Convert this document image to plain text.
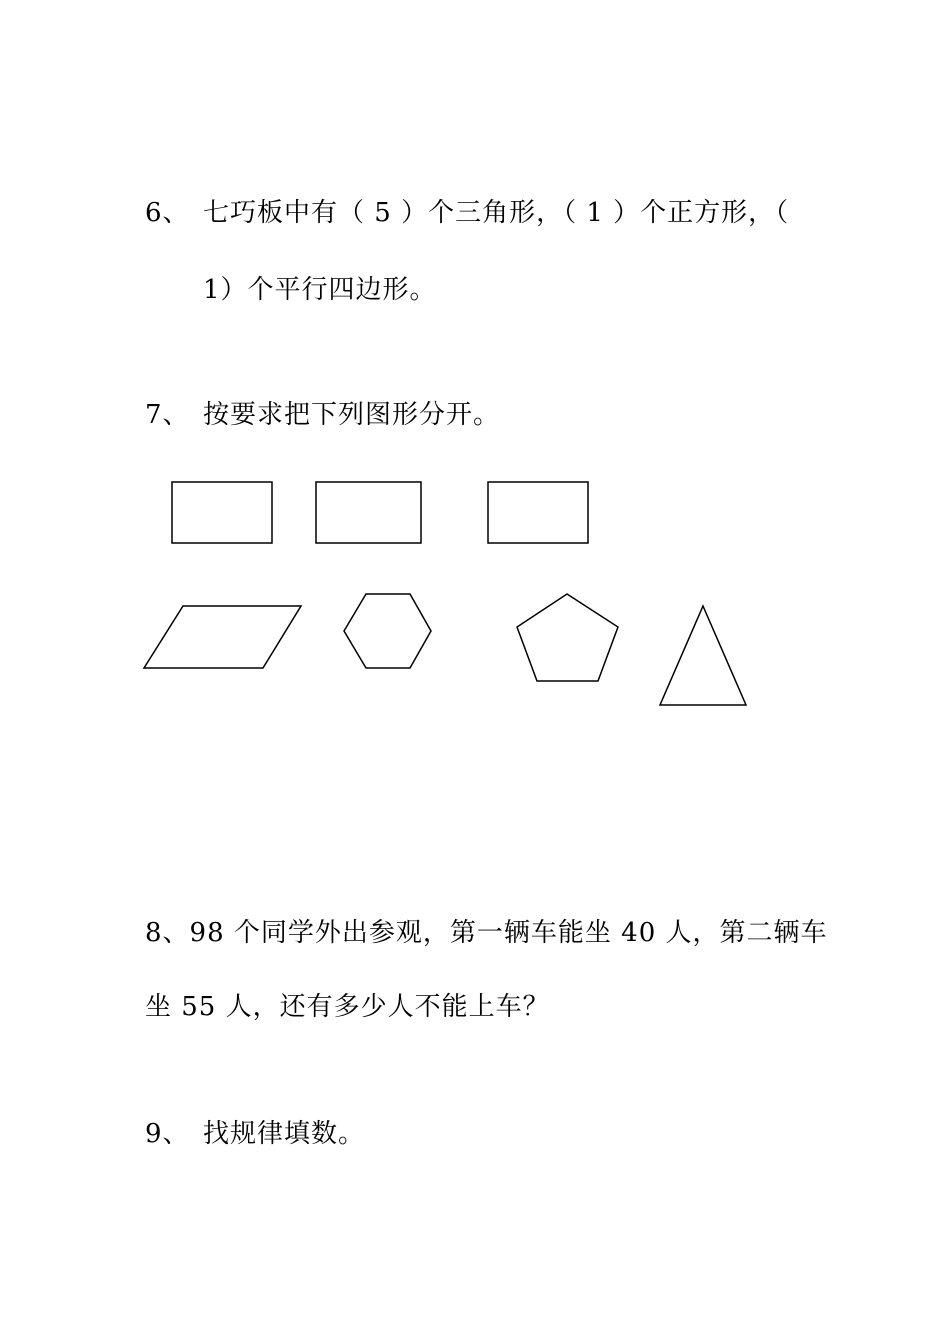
6、 七巧板中有（ 5 ）个三角形，（ 1 ）个正方形，（
1）个平行四边形。
7、 按要求把下列图形分开。
8、98 个同学外出参观，第一辆车能坐 40 人，第二辆车
坐 55 人，还有多少人不能上车？
9、 找规律填数。
